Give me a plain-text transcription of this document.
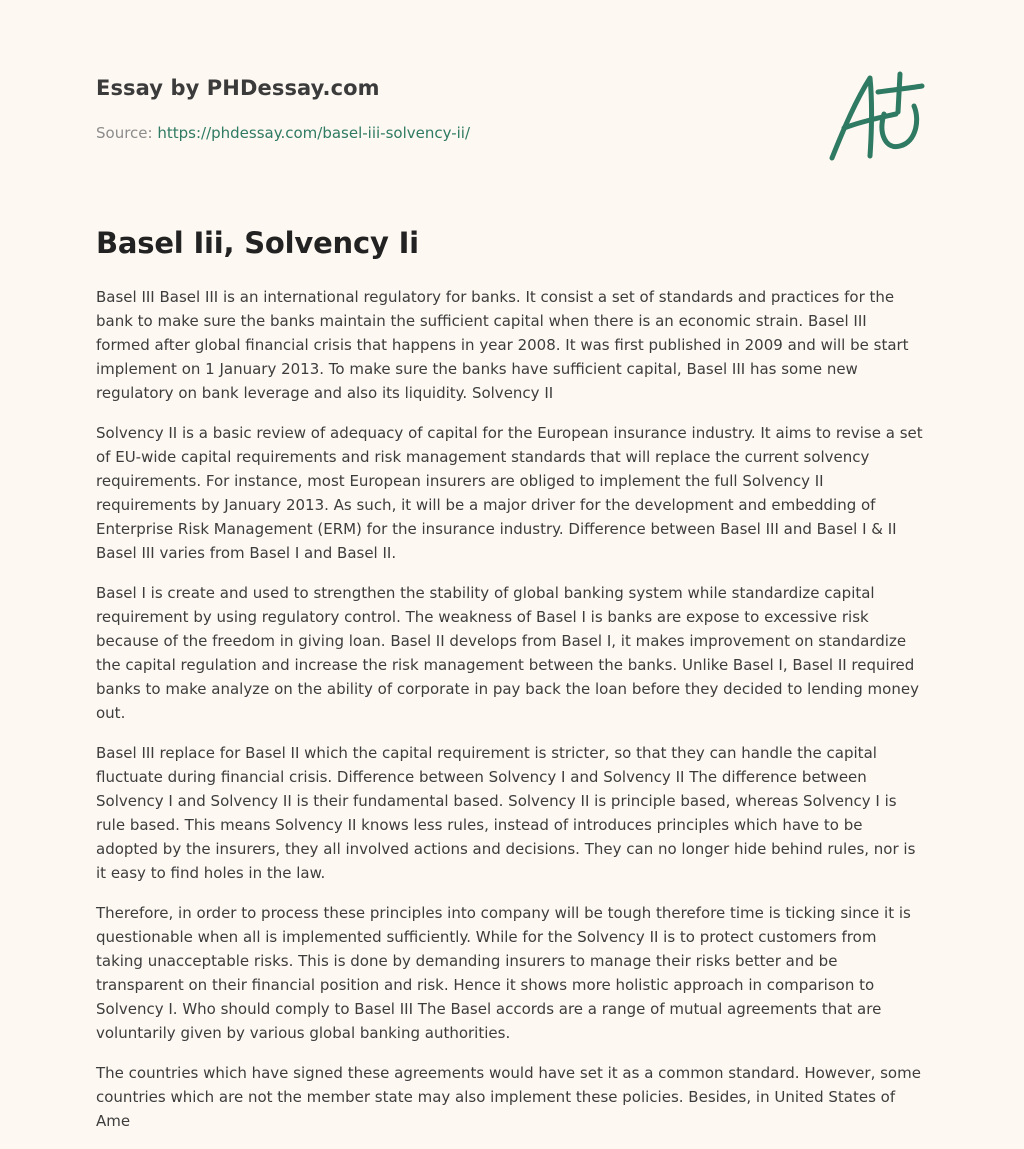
Essay by PHDessay.com
Source: https://phdessay.com/basel-iii-solvency-ii/
Basel Iii, Solvency Ii

Basel III Basel III is an international regulatory for banks. It consist a set of standards and practices for the bank to make sure the banks maintain the sufficient capital when there is an economic strain. Basel III formed after global financial crisis that happens in year 2008. It was first published in 2009 and will be start implement on 1 January 2013. To make sure the banks have sufficient capital, Basel III has some new regulatory on bank leverage and also its liquidity. Solvency II

Solvency II is a basic review of adequacy of capital for the European insurance industry. It aims to revise a set of EU-wide capital requirements and risk management standards that will replace the current solvency requirements. For instance, most European insurers are obliged to implement the full Solvency II requirements by January 2013. As such, it will be a major driver for the development and embedding of Enterprise Risk Management (ERM) for the insurance industry. Difference between Basel III and Basel I & II Basel III varies from Basel I and Basel II.

Basel I is create and used to strengthen the stability of global banking system while standardize capital requirement by using regulatory control. The weakness of Basel I is banks are expose to excessive risk because of the freedom in giving loan. Basel II develops from Basel I, it makes improvement on standardize the capital regulation and increase the risk management between the banks. Unlike Basel I, Basel II required banks to make analyze on the ability of corporate in pay back the loan before they decided to lending money out.

Basel III replace for Basel II which the capital requirement is stricter, so that they can handle the capital fluctuate during financial crisis. Difference between Solvency I and Solvency II The difference between Solvency I and Solvency II is their fundamental based. Solvency II is principle based, whereas Solvency I is rule based. This means Solvency II knows less rules, instead of introduces principles which have to be adopted by the insurers, they all involved actions and decisions. They can no longer hide behind rules, nor is it easy to find holes in the law.

Therefore, in order to process these principles into company will be tough therefore time is ticking since it is questionable when all is implemented sufficiently. While for the Solvency II is to protect customers from taking unacceptable risks. This is done by demanding insurers to manage their risks better and be transparent on their financial position and risk. Hence it shows more holistic approach in comparison to Solvency I. Who should comply to Basel III The Basel accords are a range of mutual agreements that are voluntarily given by various global banking authorities.

The countries which have signed these agreements would have set it as a common standard. However, some countries which are not the member state may also implement these policies. Besides, in United States of Ame
